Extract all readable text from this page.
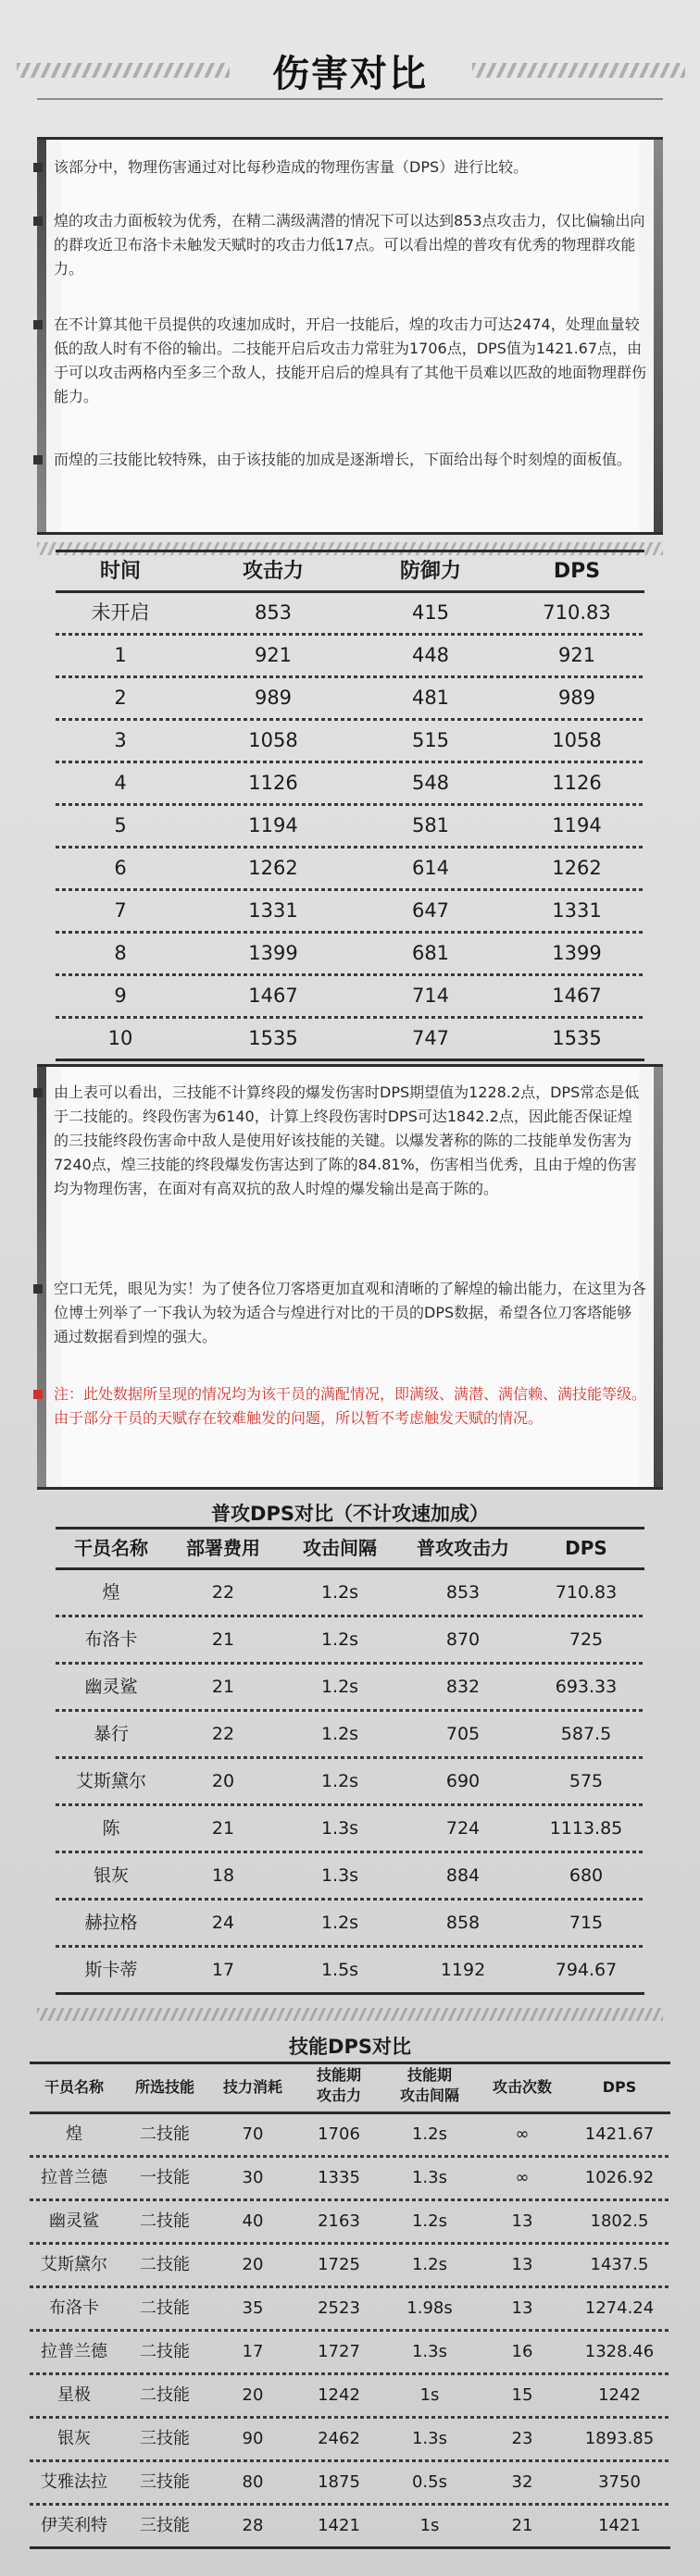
伤害对比
该部分中，物理伤害通过对比每秒造成的物理伤害量（DPS）进行比较。
煌的攻击力面板较为优秀，在精二满级满潜的情况下可以达到853点攻击力，仅比偏输出向的群攻近卫布洛卡未触发天赋时的攻击力低17点。可以看出煌的普攻有优秀的物理群攻能力。
在不计算其他干员提供的攻速加成时，开启一技能后，煌的攻击力可达2474，处理血量较低的敌人时有不俗的输出。二技能开启后攻击力常驻为1706点，DPS值为1421.67点，由于可以攻击两格内至多三个敌人，技能开启后的煌具有了其他干员难以匹敌的地面物理群伤能力。
而煌的三技能比较特殊，由于该技能的加成是逐渐增长，下面给出每个时刻煌的面板值。
时间	攻击力	防御力	DPS
未开启	853	415	710.83
1	921	448	921
2	989	481	989
3	1058	515	1058
4	1126	548	1126
5	1194	581	1194
6	1262	614	1262
7	1331	647	1331
8	1399	681	1399
9	1467	714	1467
10	1535	747	1535
由上表可以看出，三技能不计算终段的爆发伤害时DPS期望值为1228.2点，DPS常态是低于二技能的。终段伤害为6140，计算上终段伤害时DPS可达1842.2点，因此能否保证煌的三技能终段伤害命中敌人是使用好该技能的关键。以爆发著称的陈的二技能单发伤害为7240点，煌三技能的终段爆发伤害达到了陈的84.81%，伤害相当优秀，且由于煌的伤害均为物理伤害，在面对有高双抗的敌人时煌的爆发输出是高于陈的。
空口无凭，眼见为实！为了使各位刀客塔更加直观和清晰的了解煌的输出能力，在这里为各位博士列举了一下我认为较为适合与煌进行对比的干员的DPS数据，希望各位刀客塔能够通过数据看到煌的强大。
注：此处数据所呈现的情况均为该干员的满配情况，即满级、满潜、满信赖、满技能等级。由于部分干员的天赋存在较难触发的问题，所以暂不考虑触发天赋的情况。
普攻DPS对比（不计攻速加成）
干员名称	部署费用	攻击间隔	普攻攻击力	DPS
煌	22	1.2s	853	710.83
布洛卡	21	1.2s	870	725
幽灵鲨	21	1.2s	832	693.33
暴行	22	1.2s	705	587.5
艾斯黛尔	20	1.2s	690	575
陈	21	1.3s	724	1113.85
银灰	18	1.3s	884	680
赫拉格	24	1.2s	858	715
斯卡蒂	17	1.5s	1192	794.67
技能DPS对比
干员名称	所选技能	技力消耗
技能期
攻击力
技能期
攻击间隔	攻击次数	DPS
煌	二技能	70	1706	1.2s	∞	1421.67
拉普兰德	一技能	30	1335	1.3s	∞	1026.92
幽灵鲨	二技能	40	2163	1.2s	13	1802.5
艾斯黛尔	二技能	20	1725	1.2s	13	1437.5
布洛卡	二技能	35	2523	1.98s	13	1274.24
拉普兰德	二技能	17	1727	1.3s	16	1328.46
星极	二技能	20	1242	1s	15	1242
银灰	三技能	90	2462	1.3s	23	1893.85
艾雅法拉	三技能	80	1875	0.5s	32	3750
伊芙利特	三技能	28	1421	1s	21	1421
